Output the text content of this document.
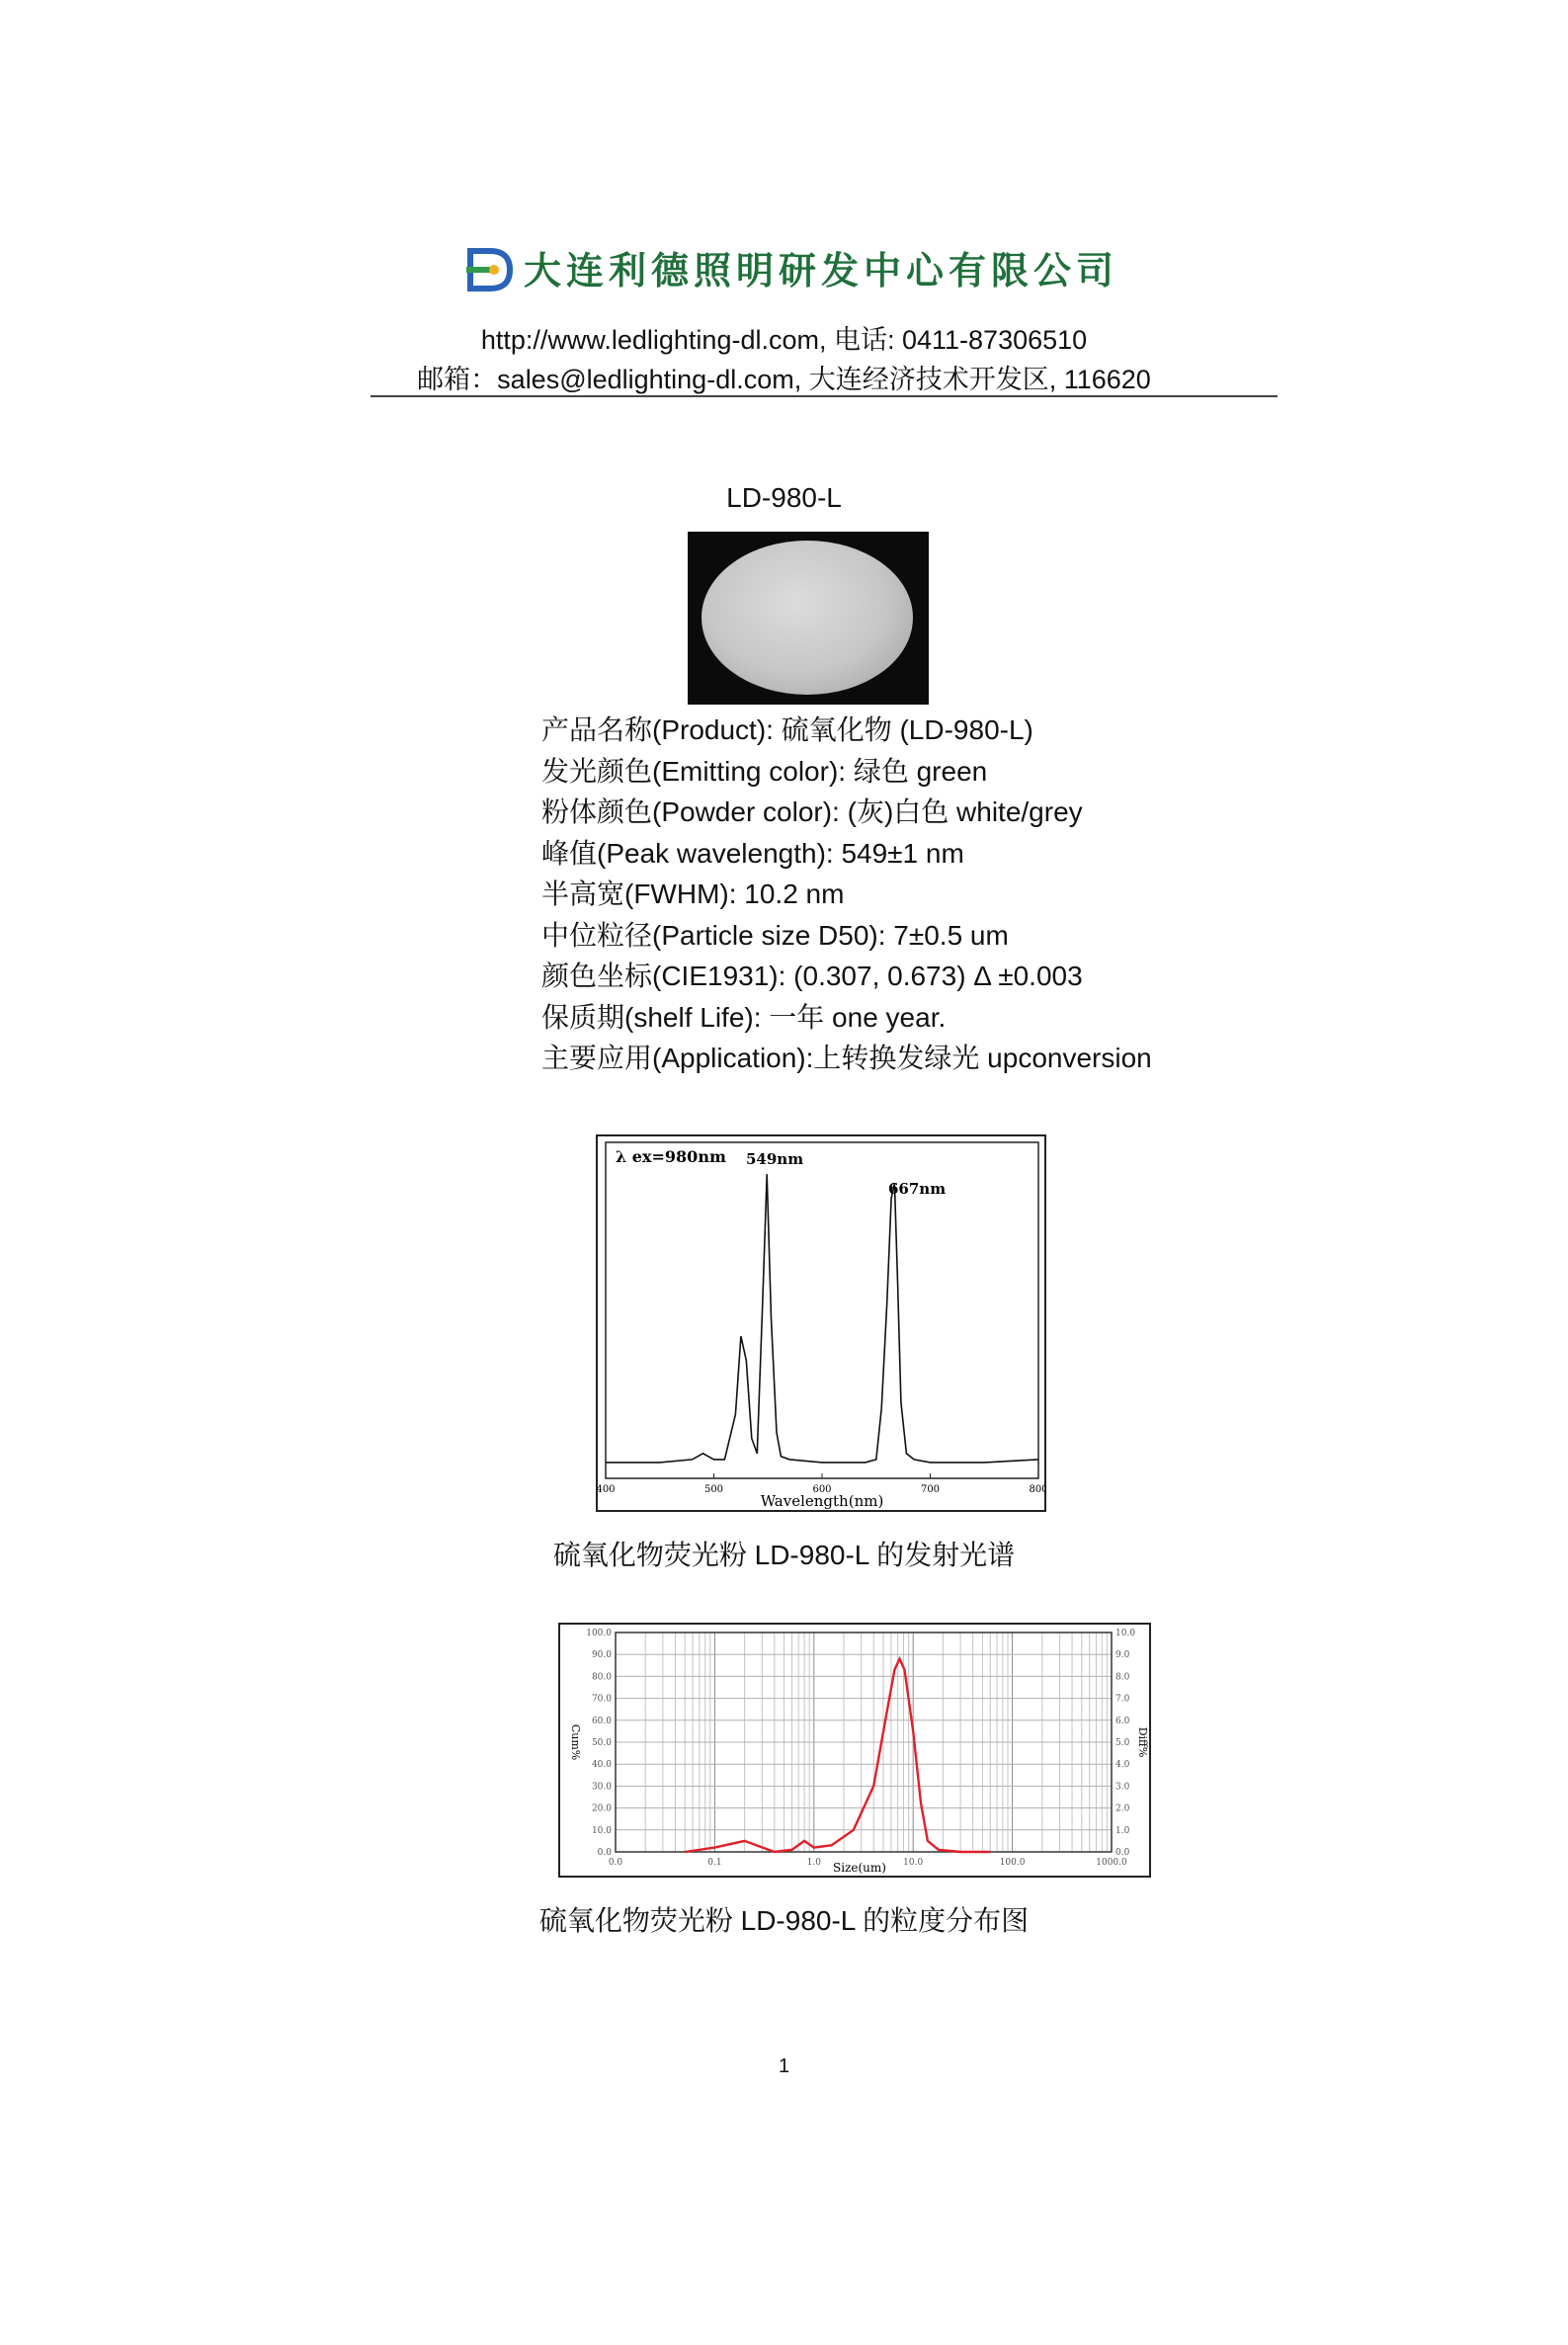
大连利德照明研发中心有限公司
http://www.ledlighting-dl.com, 电话: 0411-87306510
邮箱：sales@ledlighting-dl.com, 大连经济技术开发区, 116620
LD-980-L
产品名称(Product): 硫氧化物 (LD-980-L)
发光颜色(Emitting color): 绿色 green
粉体颜色(Powder color): (灰)白色 white/grey
峰值(Peak wavelength): 549±1 nm
半高宽(FWHM): 10.2 nm
中位粒径(Particle size D50): 7±0.5 um
颜色坐标(CIE1931): (0.307, 0.673) Δ ±0.003
保质期(shelf Life): 一年 one year.
主要应用(Application):上转换发绿光 upconversion
400	500	600	700	800
λ ex=980nm 549nm
667nm
Wavelength(nm)
硫氧化物荧光粉 LD-980-L 的发射光谱
0.0	0.1	1.0	10.0	100.0	1000.0
100.0
90.0
80.0
70.0
60.0
50.0
40.0
30.0
20.0
10.0
0.0
10.0
9.0
8.0
7.0
6.0
5.0
4.0
3.0
2.0
1.0
0.0
Size(um)
Cum%	Diff%
硫氧化物荧光粉 LD-980-L 的粒度分布图
1
